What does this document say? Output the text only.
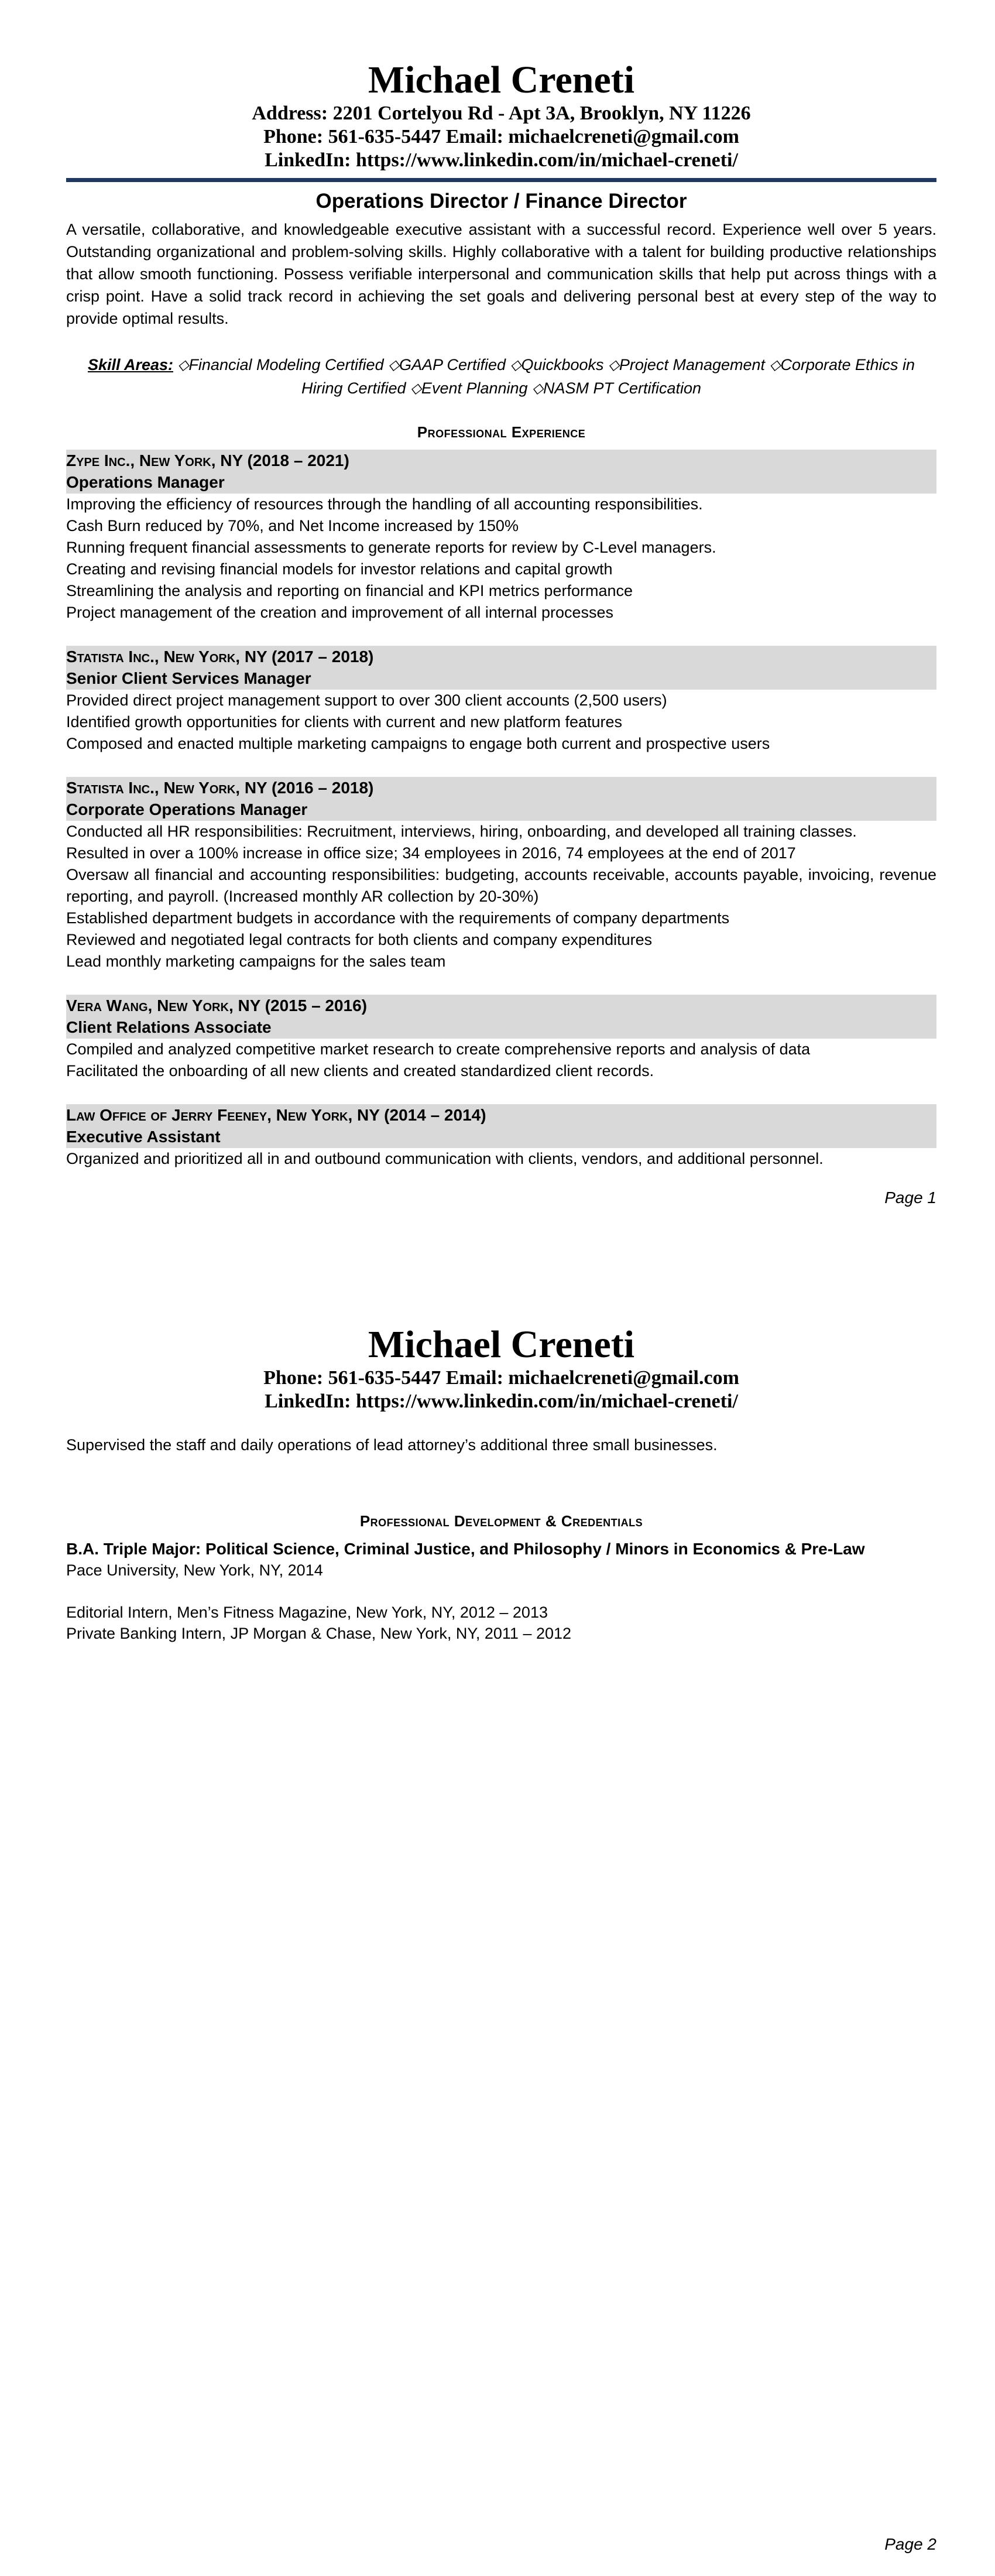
Michael Creneti
Address: 2201 Cortelyou Rd - Apt 3A, Brooklyn, NY 11226
Phone: 561-635-5447 Email: michaelcreneti@gmail.com
LinkedIn: https://www.linkedin.com/in/michael-creneti/
Operations Director / Finance Director
A versatile, collaborative, and knowledgeable executive assistant with a successful record. Experience well over 5 years. Outstanding organizational and problem-solving skills. Highly collaborative with a talent for building productive relationships that allow smooth functioning. Possess verifiable interpersonal and communication skills that help put across things with a crisp point. Have a solid track record in achieving the set goals and delivering personal best at every step of the way to provide optimal results.
Skill Areas: ⬦Financial Modeling Certified ⬦GAAP Certified ⬦Quickbooks ⬦Project Management ⬦Corporate Ethics in Hiring Certified ⬦Event Planning ⬦NASM PT Certification
Professional Experience
Zype Inc., New York, NY (2018 – 2021)
Operations Manager
Improving the efficiency of resources through the handling of all accounting responsibilities.
Cash Burn reduced by 70%, and Net Income increased by 150%
Running frequent financial assessments to generate reports for review by C-Level managers.
Creating and revising financial models for investor relations and capital growth
Streamlining the analysis and reporting on financial and KPI metrics performance
Project management of the creation and improvement of all internal processes
Statista Inc., New York, NY (2017 – 2018)
Senior Client Services Manager
Provided direct project management support to over 300 client accounts (2,500 users)
Identified growth opportunities for clients with current and new platform features
Composed and enacted multiple marketing campaigns to engage both current and prospective users
Statista Inc., New York, NY (2016 – 2018)
Corporate Operations Manager
Conducted all HR responsibilities: Recruitment, interviews, hiring, onboarding, and developed all training classes.
Resulted in over a 100% increase in office size; 34 employees in 2016, 74 employees at the end of 2017
Oversaw all financial and accounting responsibilities: budgeting, accounts receivable, accounts payable, invoicing, revenue reporting, and payroll. (Increased monthly AR collection by 20-30%)
Established department budgets in accordance with the requirements of company departments
Reviewed and negotiated legal contracts for both clients and company expenditures
Lead monthly marketing campaigns for the sales team
Vera Wang, New York, NY (2015 – 2016)
Client Relations Associate
Compiled and analyzed competitive market research to create comprehensive reports and analysis of data
Facilitated the onboarding of all new clients and created standardized client records.
Law Office of Jerry Feeney, New York, NY (2014 – 2014)
Executive Assistant
Organized and prioritized all in and outbound communication with clients, vendors, and additional personnel.
Page 1
Michael Creneti
Phone: 561-635-5447 Email: michaelcreneti@gmail.com
LinkedIn: https://www.linkedin.com/in/michael-creneti/
Supervised the staff and daily operations of lead attorney’s additional three small businesses.
Professional Development & Credentials
B.A. Triple Major: Political Science, Criminal Justice, and Philosophy / Minors in Economics & Pre-Law
Pace University, New York, NY, 2014
Editorial Intern, Men’s Fitness Magazine, New York, NY, 2012 – 2013
Private Banking Intern, JP Morgan & Chase, New York, NY, 2011 – 2012
Page 2
